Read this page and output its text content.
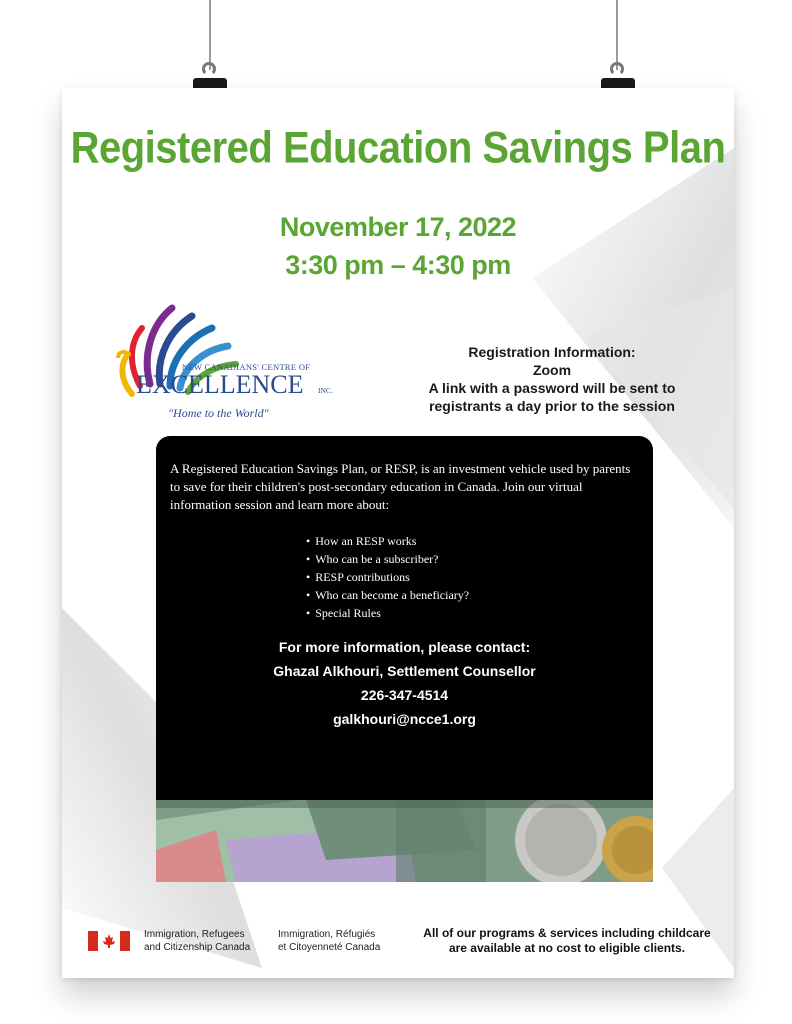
Registered Education Savings Plan
November 17, 2022
3:30 pm – 4:30 pm
NEW CANADIANS' CENTRE OF
EXCELLENCE INC.
"Home to the World"
Registration Information:
Zoom
A link with a password will be sent to
registrants a day prior to the session
A Registered Education Savings Plan, or RESP, is an investment vehicle used by parents to save for their children's post-secondary education in Canada. Join our virtual information session and learn more about:
• How an RESP works
• Who can be a subscriber?
• RESP contributions
• Who can become a beneficiary?
• Special Rules
For more information, please contact:
Ghazal Alkhouri, Settlement Counsellor
226-347-4514
galkhouri@ncce1.org
Immigration, Refugees
and Citizenship Canada
Immigration, Réfugiés
et Citoyenneté Canada
All of our programs & services including childcare
are available at no cost to eligible clients.
